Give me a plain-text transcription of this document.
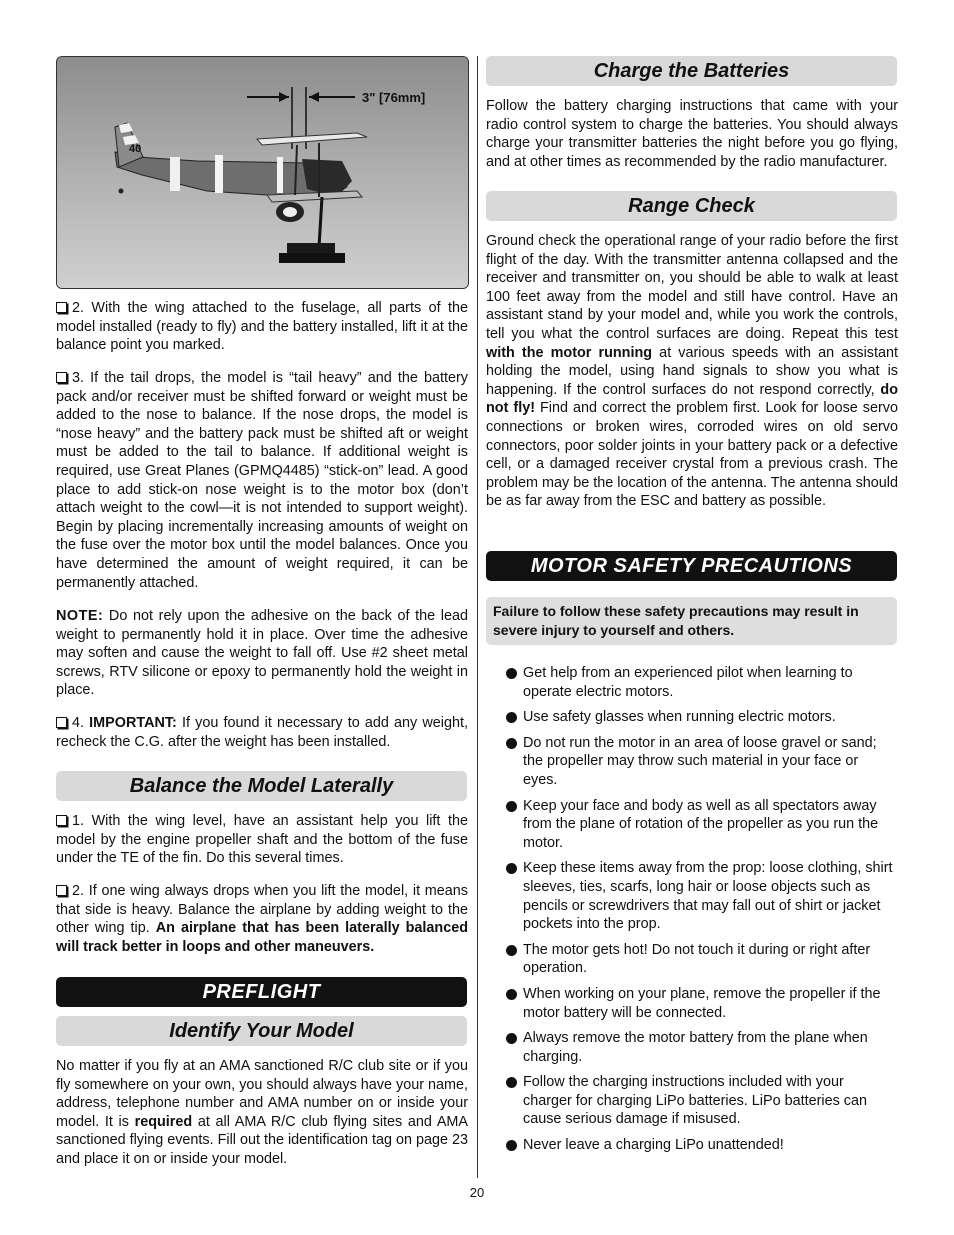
3" [76mm]
40

2. With the wing attached to the fuselage, all parts of the model installed (ready to fly) and the battery installed, lift it at the balance point you marked.

3. If the tail drops, the model is “tail heavy” and the battery pack and/or receiver must be shifted forward or weight must be added to the nose to balance. If the nose drops, the model is “nose heavy” and the battery pack must be shifted aft or weight must be added to the tail to balance. If additional weight is required, use Great Planes (GPMQ4485) “stick-on” lead. A good place to add stick-on nose weight is to the motor box (don’t attach weight to the cowl—it is not intended to support weight). Begin by placing incrementally increasing amounts of weight on the fuse over the motor box until the model balances. Once you have determined the amount of weight required, it can be permanently attached.

NOTE: Do not rely upon the adhesive on the back of the lead weight to permanently hold it in place. Over time the adhesive may soften and cause the weight to fall off. Use #2 sheet metal screws, RTV silicone or epoxy to permanently hold the weight in place.

4. IMPORTANT: If you found it necessary to add any weight, recheck the C.G. after the weight has been installed.

Balance the Model Laterally

1. With the wing level, have an assistant help you lift the model by the engine propeller shaft and the bottom of the fuse under the TE of the fin. Do this several times.

2. If one wing always drops when you lift the model, it means that side is heavy. Balance the airplane by adding weight to the other wing tip. An airplane that has been laterally balanced will track better in loops and other maneuvers.

PREFLIGHT
Identify Your Model

No matter if you fly at an AMA sanctioned R/C club site or if you fly somewhere on your own, you should always have your name, address, telephone number and AMA number on or inside your model. It is required at all AMA R/C club flying sites and AMA sanctioned flying events. Fill out the identification tag on page 23 and place it on or inside your model.

Charge the Batteries

Follow the battery charging instructions that came with your radio control system to charge the batteries. You should always charge your transmitter batteries the night before you go flying, and at other times as recommended by the radio manufacturer.

Range Check

Ground check the operational range of your radio before the first flight of the day. With the transmitter antenna collapsed and the receiver and transmitter on, you should be able to walk at least 100 feet away from the model and still have control. Have an assistant stand by your model and, while you work the controls, tell you what the control surfaces are doing. Repeat this test with the motor running at various speeds with an assistant holding the model, using hand signals to show you what is happening. If the control surfaces do not respond correctly, do not fly! Find and correct the problem first. Look for loose servo connections or broken wires, corroded wires on old servo connectors, poor solder joints in your battery pack or a defective cell, or a damaged receiver crystal from a previous crash. The problem may be the location of the antenna. The antenna should be as far away from the ESC and battery as possible.

MOTOR SAFETY PRECAUTIONS
Failure to follow these safety precautions may result in severe injury to yourself and others.
Get help from an experienced pilot when learning to operate electric motors.
Use safety glasses when running electric motors.
Do not run the motor in an area of loose gravel or sand; the propeller may throw such material in your face or eyes.
Keep your face and body as well as all spectators away from the plane of rotation of the propeller as you run the motor.
Keep these items away from the prop: loose clothing, shirt sleeves, ties, scarfs, long hair or loose objects such as pencils or screwdrivers that may fall out of shirt or jacket pockets into the prop.
The motor gets hot! Do not touch it during or right after operation.
When working on your plane, remove the propeller if the motor battery will be connected.
Always remove the motor battery from the plane when charging.
Follow the charging instructions included with your charger for charging LiPo batteries. LiPo batteries can cause serious damage if misused.
Never leave a charging LiPo unattended!
20
